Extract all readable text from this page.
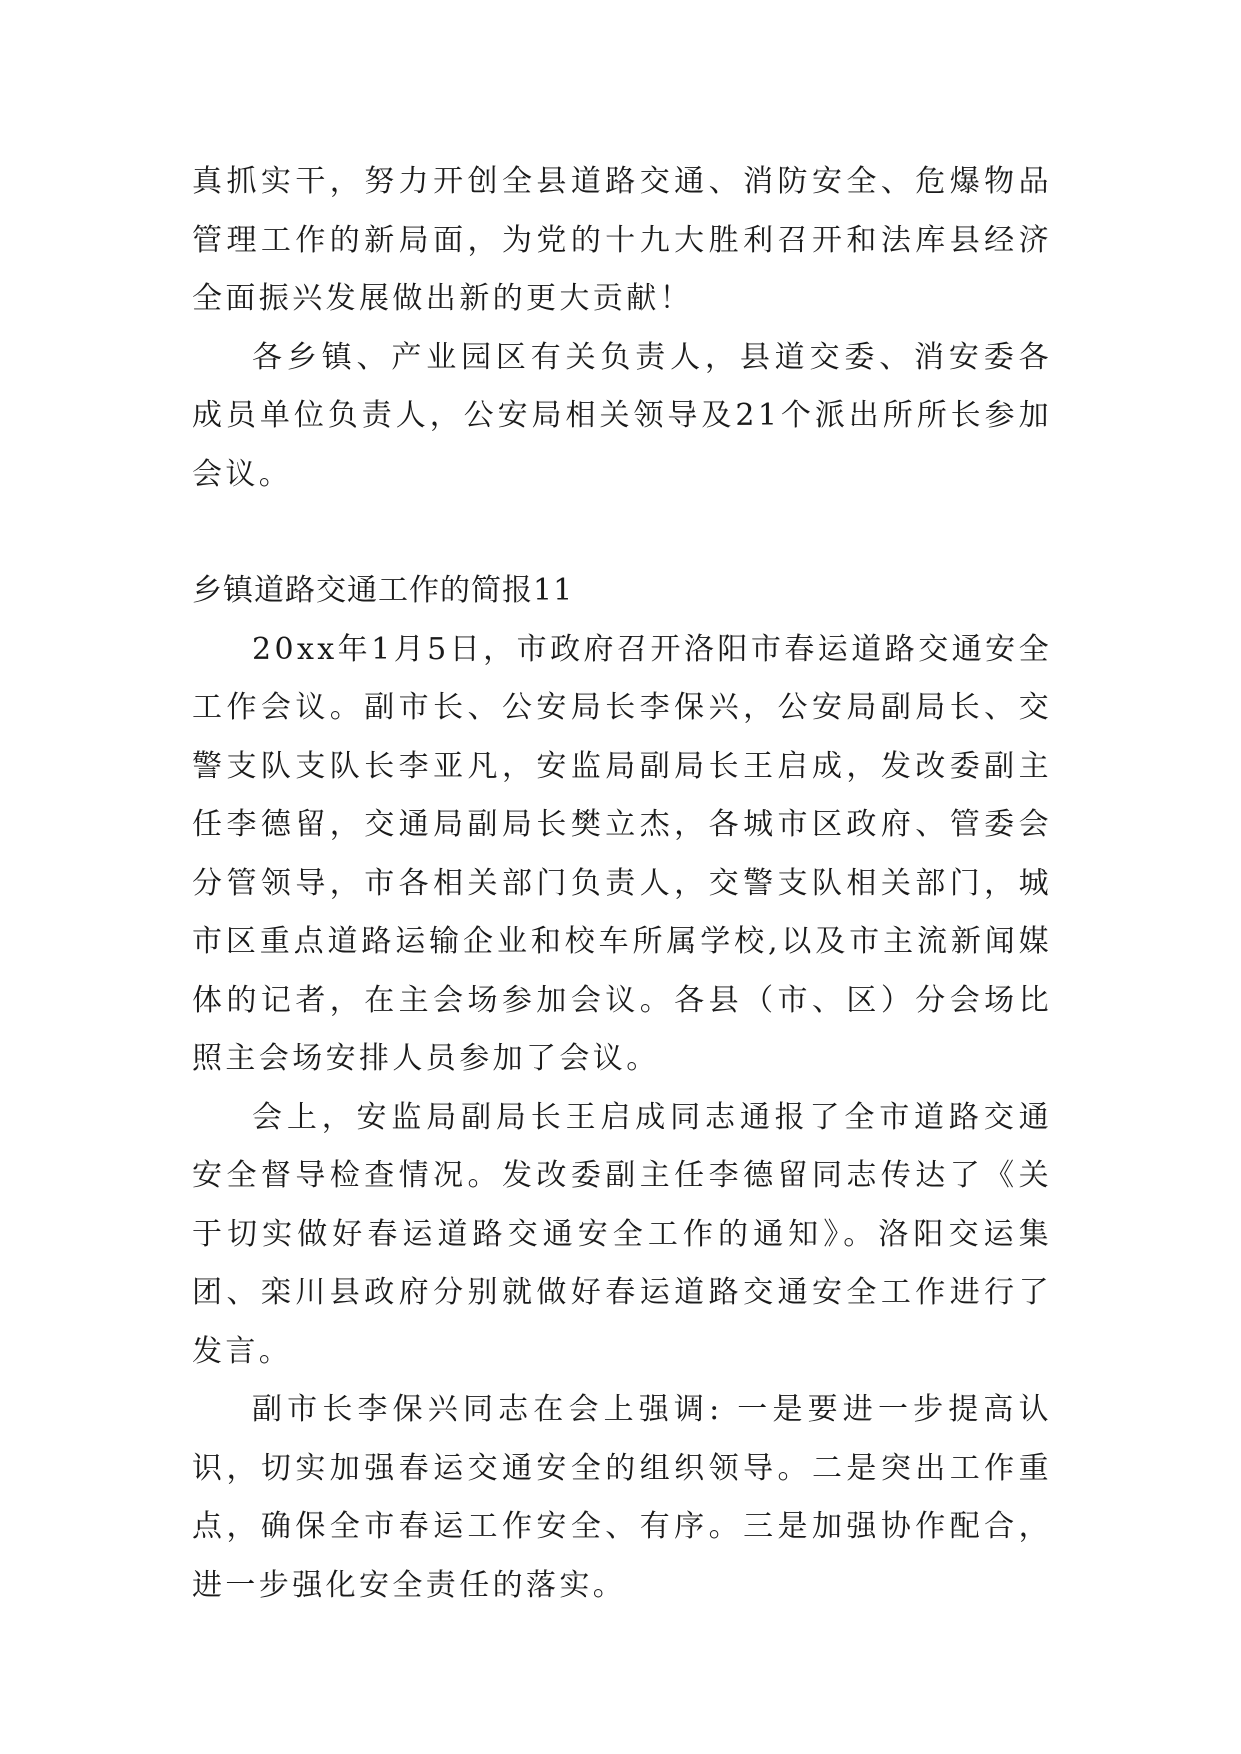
真抓实干，努力开创全县道路交通、消防安全、危爆物品管理工作的新局面，为党的十九大胜利召开和法库县经济全面振兴发展做出新的更大贡献！

各乡镇、产业园区有关负责人，县道交委、消安委各成员单位负责人，公安局相关领导及21个派出所所长参加会议。

乡镇道路交通工作的简报11

20xx年1月5日，市政府召开洛阳市春运道路交通安全工作会议。副市长、公安局长李保兴，公安局副局长、交警支队支队长李亚凡，安监局副局长王启成，发改委副主任李德留，交通局副局长樊立杰，各城市区政府、管委会分管领导，市各相关部门负责人，交警支队相关部门，城市区重点道路运输企业和校车所属学校,以及市主流新闻媒体的记者，在主会场参加会议。各县（市、区）分会场比照主会场安排人员参加了会议。

会上，安监局副局长王启成同志通报了全市道路交通安全督导检查情况。发改委副主任李德留同志传达了《关于切实做好春运道路交通安全工作的通知》。洛阳交运集团、栾川县政府分别就做好春运道路交通安全工作进行了发言。

副市长李保兴同志在会上强调: 一是要进一步提高认识，切实加强春运交通安全的组织领导。二是突出工作重点，确保全市春运工作安全、有序。三是加强协作配合，进一步强化安全责任的落实。
